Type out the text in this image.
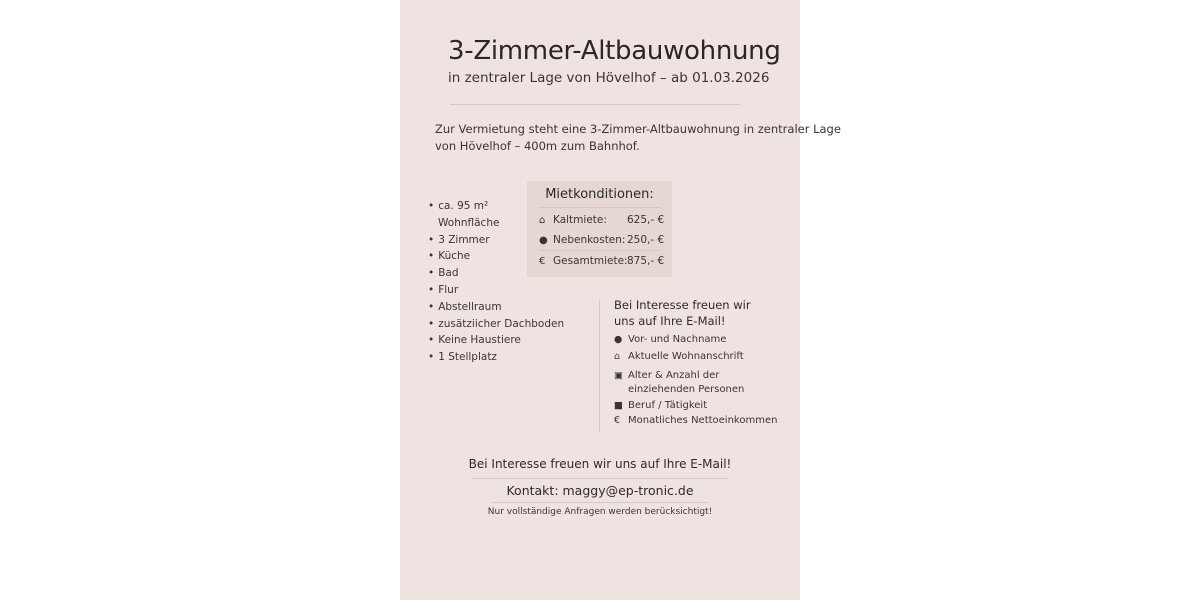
3-Zimmer-Altbauwohnung
in zentraler Lage von Hövelhof – ab 01.03.2026
Zur Vermietung steht eine 3-Zimmer-Altbauwohnung in zentraler Lage
von Hövelhof – 400m zum Bahnhof.
• ca. 95 m²
Wohnfläche
• 3 Zimmer
• Küche
• Bad
• Flur
• Abstellraum
• zusätziicher Dachboden
• Keine Haustiere
• 1 Stellplatz
Mietkonditionen:
⌂ Kaltmiete: 625,- €
● Nebenkosten: 250,- €
€ Gesamtmiete:875,- €
Bei Interesse freuen wir uns auf Ihre E-Mail!
● Vor- und Nachname
⌂ Aktuelle Wohnanschrift
▣ Alter & Anzahl der
einziehenden Personen
■ Beruf / Tätigkeit
€ Monatliches Nettoeinkommen
Bei Interesse freuen wir uns auf Ihre E-Mail!
Kontakt: maggy@ep-tronic.de
Nur vollständige Anfragen werden berücksichtigt!
